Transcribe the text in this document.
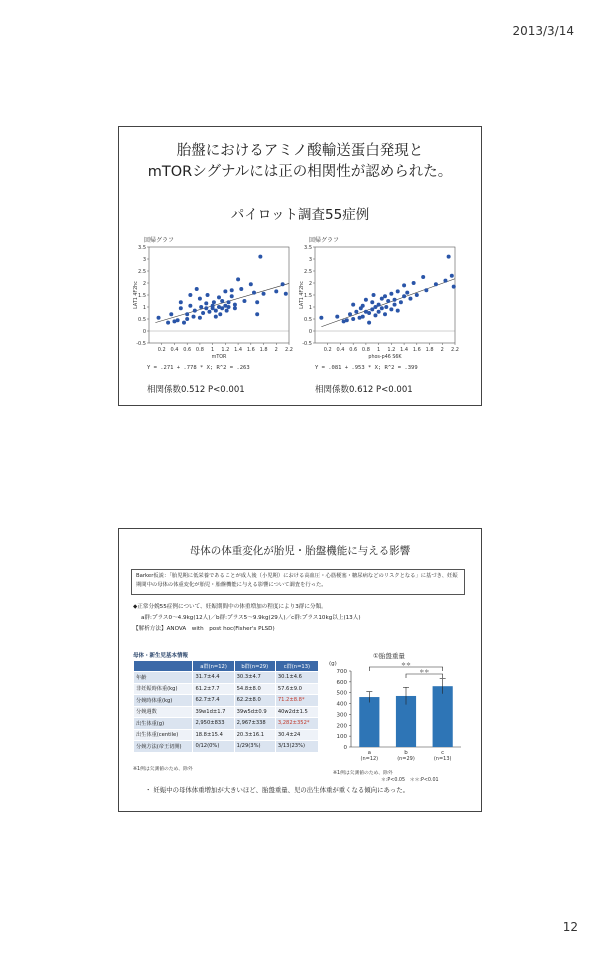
2013/3/14
胎盤におけるアミノ酸輸送蛋白発現と
mTORシグナルには正の相関性が認められた。
パイロット調査55症例
回帰グラフ
-0.5
0
0.5
1
1.5
2
2.5
3
3.5
0.2 0.4 0.6 0.8 1 1.2 1.4 1.6 1.8 2 2.2
mTOR
LAT1 4F2hc
Y = .271 + .778 * X; R^2 = .263
相関係数0.512 P<0.001
回帰グラフ
-0.5
0
0.5
1
1.5
2
2.5
3
3.5
0.2 0.4 0.6 0.8 1 1.2 1.4 1.6 1.8 2 2.2
phos-p46 S6K
LAT1 4F2hc
Y = .081 + .953 * X; R^2 = .399
相関係数0.612 P<0.001
母体の体重変化が胎児・胎盤機能に与える影響
Barker仮説：「胎児期に低栄養であることが成人後（小児期）における高血圧・心筋梗塞・糖尿病などのリスクとなる」に基づき、妊娠期間中の母体の体重変化が胎児・胎盤機能に与える影響について調査を行った。
◆正常分娩55症例について、妊娠期間中の体重増加の程度により3群に分類。
a群:プラス0～4.9kg(12人)／b群:プラス5～9.9kg(29人)／c群:プラス10kg以上(13人)
【解析方法】ANOVA　with　post hoc(Fisher's PLSD)
母体・新生児基本情報
	a群(n=12)	b群(n=29)	c群(n=13)
年齢	31.7±4.4	30.3±4.7	30.1±4.6
非妊娠時体重(kg)	61.2±7.7	54.8±8.0	57.6±9.0
分娩時体重(kg)	62.7±7.4	62.2±8.0	71.2±8.8*
分娩週数	39w1d±1.7	39w5d±0.9	40w2d±1.5
出生体重(g)	2,950±833	2,967±338	3,282±352*
出生体重(centile)	18.8±15.4	20.3±16.1	30.4±24
分娩方法(帝王切開)	0/12(0%)	1/29(3%)	3/13(23%)
※1例は欠測値のため、除外
①胎盤重量
(g)
0
100
200
300
400
500
600
700
a
(n=12)
b
(n=29)
c
(n=13)
＊＊
＊＊
※1例は欠測値のため、除外
＊:P<0.05　＊＊:P<0.01
・ 妊娠中の母体体重増加が大きいほど、胎盤重量、児の出生体重が重くなる傾向にあった。
12
